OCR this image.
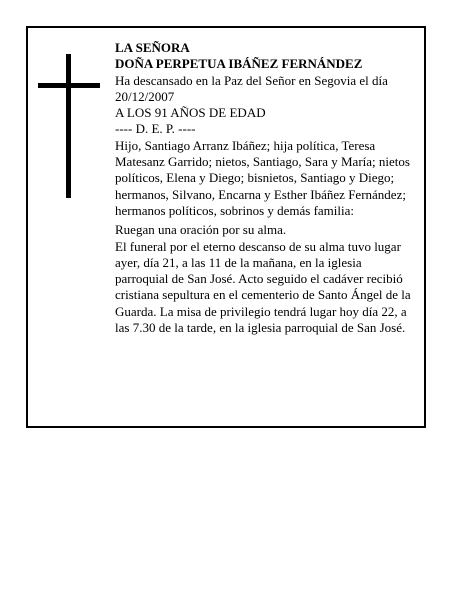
LA SEÑORA

DOÑA PERPETUA IBÁÑEZ FERNÁNDEZ

Ha descansado en la Paz del Señor en Segovia el día 20/12/2007

A LOS 91 AÑOS DE EDAD

---- D. E. P. ----

Hijo, Santiago Arranz Ibáñez; hija política, Teresa Matesanz Garrido; nietos, Santiago, Sara y María; nietos políticos, Elena y Diego; bisnietos, Santiago y Diego; hermanos, Silvano, Encarna y Esther Ibáñez Fernández; hermanos políticos, sobrinos y demás familia:

Ruegan una oración por su alma.

El funeral por el eterno descanso de su alma tuvo lugar ayer, día 21, a las 11 de la mañana, en la iglesia parroquial de San José. Acto seguido el cadáver recibió cristiana sepultura en el cementerio de Santo Ángel de la Guarda. La misa de privilegio tendrá lugar hoy día 22, a las 7.30 de la tarde, en la iglesia parroquial de San José.
